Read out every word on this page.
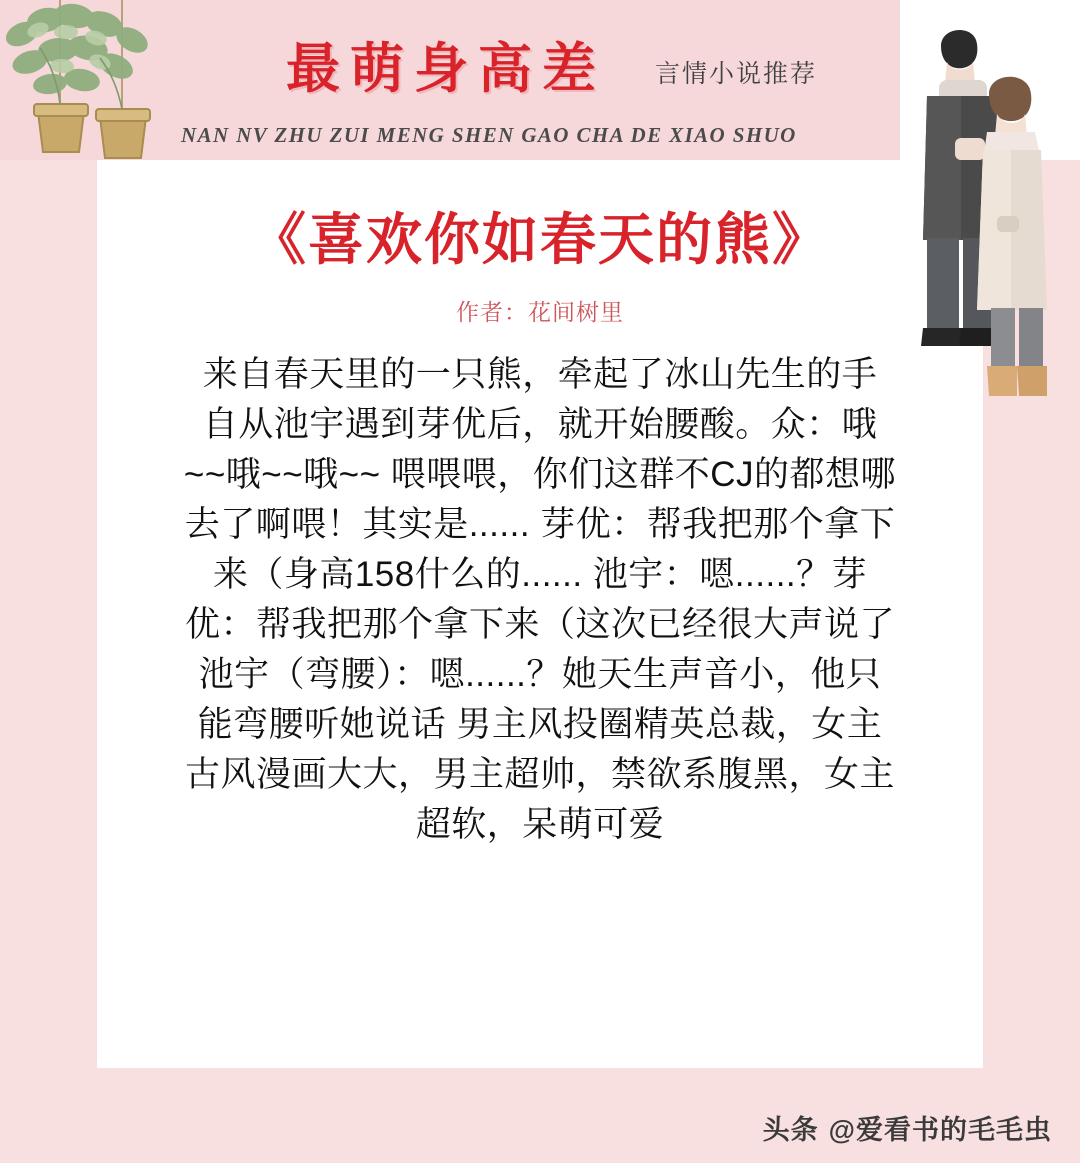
最萌身高差 言情小说推荐
NAN NV ZHU ZUI MENG SHEN GAO CHA DE XIAO SHUO
《喜欢你如春天的熊》
作者：花间树里
来自春天里的一只熊，牵起了冰山先生的手 自从池宇遇到芽优后，就开始腰酸。众：哦~~哦~~哦~~ 喂喂喂，你们这群不CJ的都想哪去了啊喂！其实是...... 芽优：帮我把那个拿下来（身高158什么的...... 池宇：嗯......？芽优：帮我把那个拿下来（这次已经很大声说了 池宇（弯腰）：嗯......？她天生声音小，他只能弯腰听她说话 男主风投圈精英总裁，女主古风漫画大大，男主超帅，禁欲系腹黑，女主超软，呆萌可爱
头条 @爱看书的毛毛虫
